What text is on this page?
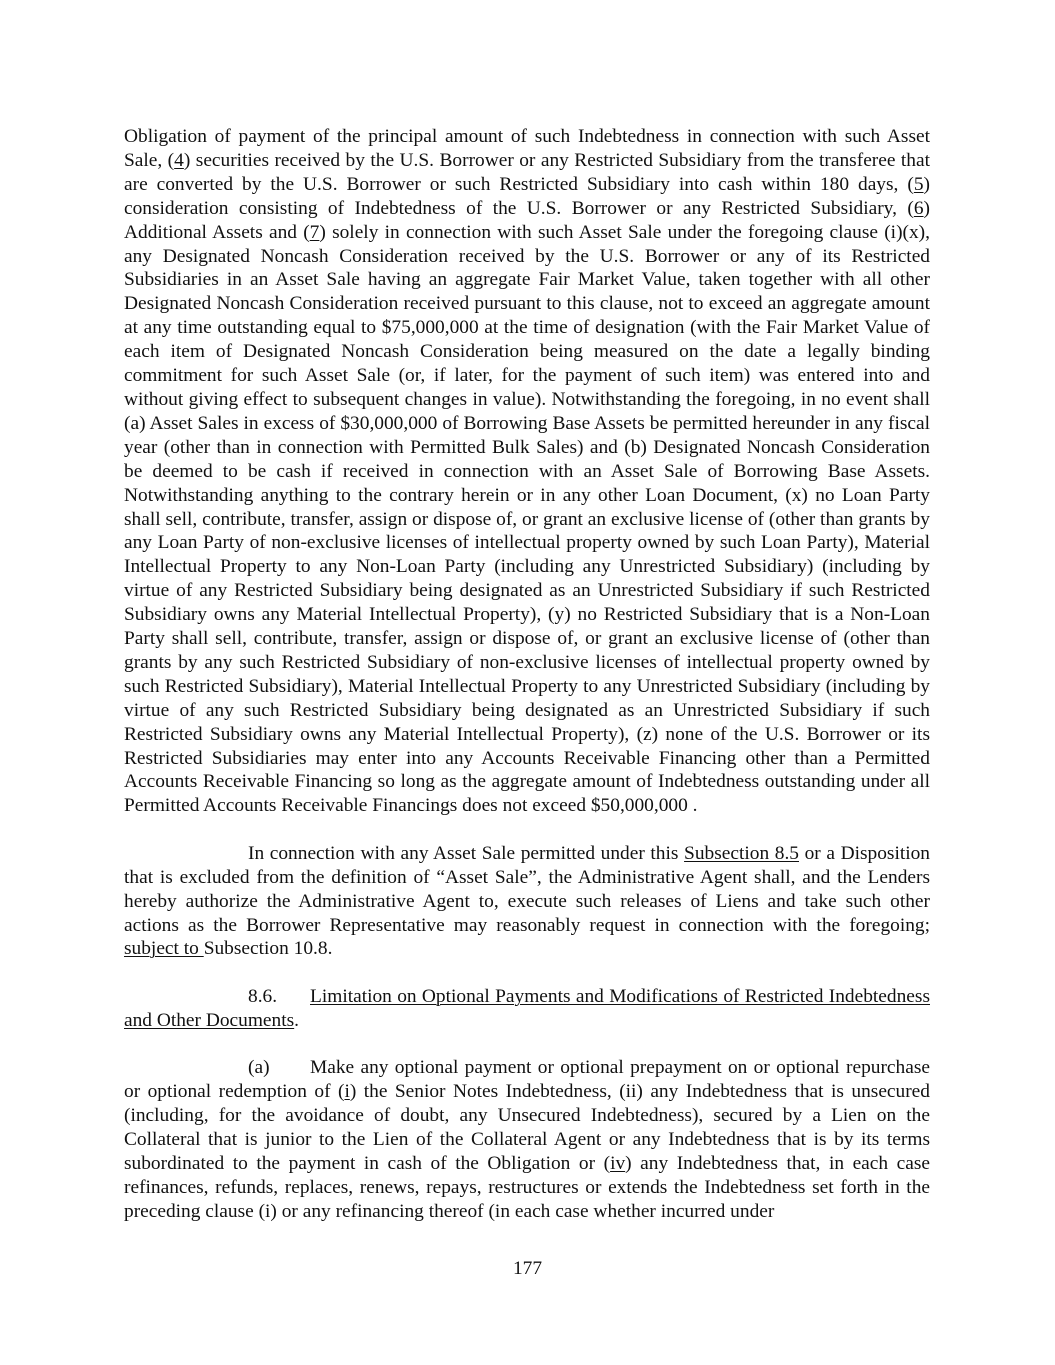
Obligation of payment of the principal amount of such Indebtedness in connection with such Asset Sale, (4) securities received by the U.S. Borrower or any Restricted Subsidiary from the transferee that are converted by the U.S. Borrower or such Restricted Subsidiary into cash within 180 days, (5) consideration consisting of Indebtedness of the U.S. Borrower or any Restricted Subsidiary, (6) Additional Assets and (7) solely in connection with such Asset Sale under the foregoing clause (i)(x), any Designated Noncash Consideration received by the U.S. Borrower or any of its Restricted Subsidiaries in an Asset Sale having an aggregate Fair Market Value, taken together with all other Designated Noncash Consideration received pursuant to this clause, not to exceed an aggregate amount at any time outstanding equal to $75,000,000 at the time of designation (with the Fair Market Value of each item of Designated Noncash Consideration being measured on the date a legally binding commitment for such Asset Sale (or, if later, for the payment of such item) was entered into and without giving effect to subsequent changes in value). Notwithstanding the foregoing, in no event shall (a) Asset Sales in excess of $30,000,000 of Borrowing Base Assets be permitted hereunder in any fiscal year (other than in connection with Permitted Bulk Sales) and (b) Designated Noncash Consideration be deemed to be cash if received in connection with an Asset Sale of Borrowing Base Assets. Notwithstanding anything to the contrary herein or in any other Loan Document, (x) no Loan Party shall sell, contribute, transfer, assign or dispose of, or grant an exclusive license of (other than grants by any Loan Party of non-exclusive licenses of intellectual property owned by such Loan Party), Material Intellectual Property to any Non-Loan Party (including any Unrestricted Subsidiary) (including by virtue of any Restricted Subsidiary being designated as an Unrestricted Subsidiary if such Restricted Subsidiary owns any Material Intellectual Property), (y) no Restricted Subsidiary that is a Non-Loan Party shall sell, contribute, transfer, assign or dispose of, or grant an exclusive license of (other than grants by any such Restricted Subsidiary of non-exclusive licenses of intellectual property owned by such Restricted Subsidiary), Material Intellectual Property to any Unrestricted Subsidiary (including by virtue of any such Restricted Subsidiary being designated as an Unrestricted Subsidiary if such Restricted Subsidiary owns any Material Intellectual Property), (z) none of the U.S. Borrower or its Restricted Subsidiaries may enter into any Accounts Receivable Financing other than a Permitted Accounts Receivable Financing so long as the aggregate amount of Indebtedness outstanding under all Permitted Accounts Receivable Financings does not exceed $50,000,000 .

In connection with any Asset Sale permitted under this Subsection 8.5 or a Disposition that is excluded from the definition of “Asset Sale”, the Administrative Agent shall, and the Lenders hereby authorize the Administrative Agent to, execute such releases of Liens and take such other actions as the Borrower Representative may reasonably request in connection with the foregoing; subject to Subsection 10.8.

8.6. Limitation on Optional Payments and Modifications of Restricted Indebtedness and Other Documents.

(a) Make any optional payment or optional prepayment on or optional repurchase or optional redemption of (i) the Senior Notes Indebtedness, (ii) any Indebtedness that is unsecured (including, for the avoidance of doubt, any Unsecured Indebtedness), secured by a Lien on the Collateral that is junior to the Lien of the Collateral Agent or any Indebtedness that is by its terms subordinated to the payment in cash of the Obligation or (iv) any Indebtedness that, in each case refinances, refunds, replaces, renews, repays, restructures or extends the Indebtedness set forth in the preceding clause (i) or any refinancing thereof (in each case whether incurred under

177
